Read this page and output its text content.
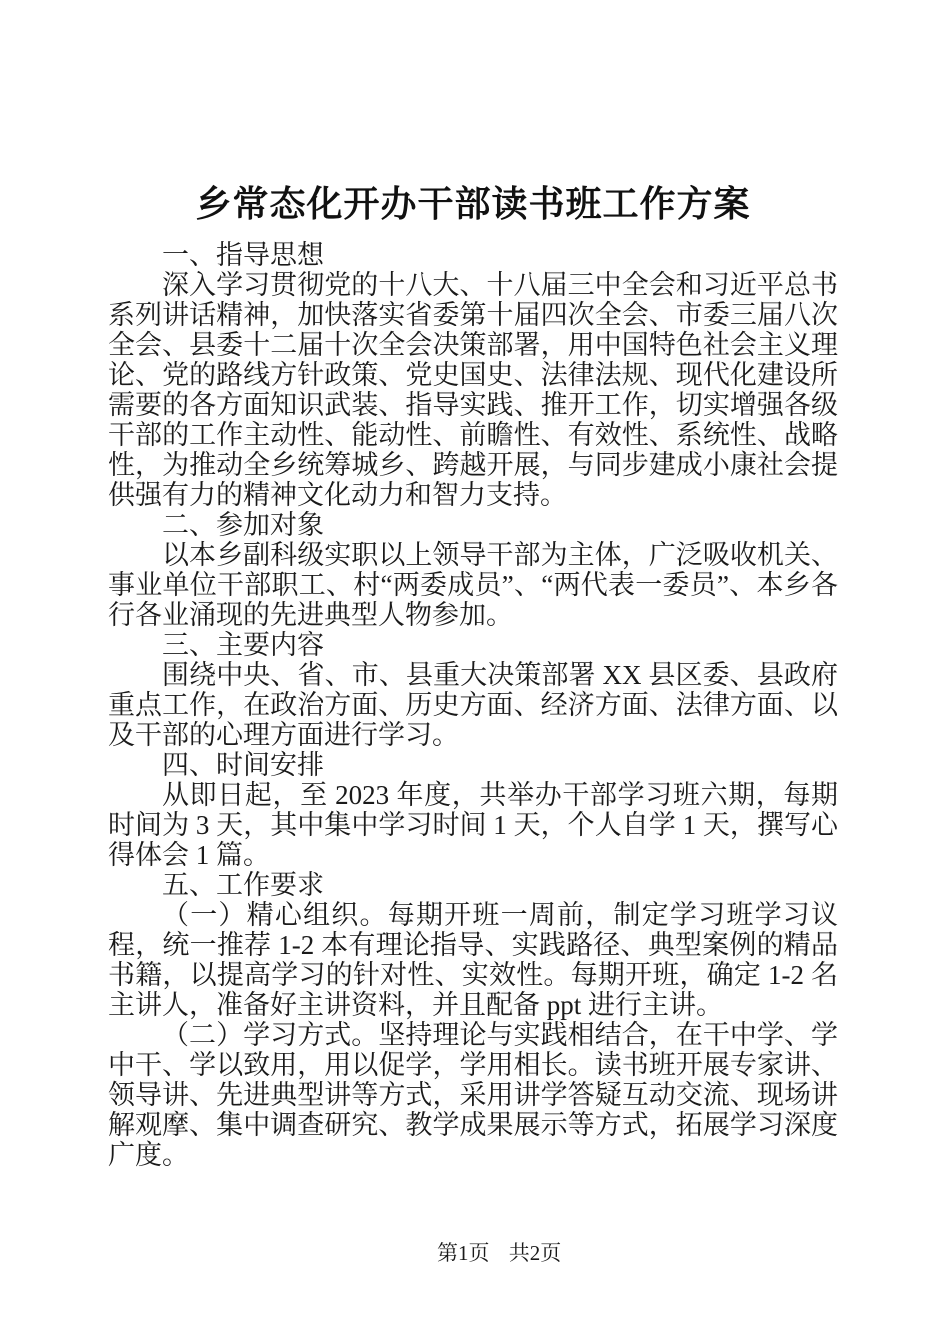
乡常态化开办干部读书班工作方案

一、指导思想

深入学习贯彻党的十八大、十八届三中全会和习近平总书系列讲话精神，加快落实省委第十届四次全会、市委三届八次全会、县委十二届十次全会决策部署，用中国特色社会主义理论、党的路线方针政策、党史国史、法律法规、现代化建设所需要的各方面知识武装、指导实践、推开工作，切实增强各级干部的工作主动性、能动性、前瞻性、有效性、系统性、战略性，为推动全乡统筹城乡、跨越开展，与同步建成小康社会提供强有力的精神文化动力和智力支持。

二、参加对象

以本乡副科级实职以上领导干部为主体，广泛吸收机关、事业单位干部职工、村“两委成员”、“两代表一委员”、本乡各行各业涌现的先进典型人物参加。

三、主要内容

围绕中央、省、市、县重大决策部署 XX 县区委、县政府重点工作，在政治方面、历史方面、经济方面、法律方面、以及干部的心理方面进行学习。

四、时间安排

从即日起，至 2023 年度，共举办干部学习班六期，每期时间为 3 天，其中集中学习时间 1 天，个人自学 1 天，撰写心得体会 1 篇。

五、工作要求

（一）精心组织。每期开班一周前，制定学习班学习议程，统一推荐 1-2 本有理论指导、实践路径、典型案例的精品书籍，以提高学习的针对性、实效性。每期开班，确定 1-2 名主讲人，准备好主讲资料，并且配备 ppt 进行主讲。

（二）学习方式。坚持理论与实践相结合，在干中学、学中干、学以致用，用以促学，学用相长。读书班开展专家讲、领导讲、先进典型讲等方式，采用讲学答疑互动交流、现场讲解观摩、集中调查研究、教学成果展示等方式，拓展学习深度广度。

第1页 共2页
